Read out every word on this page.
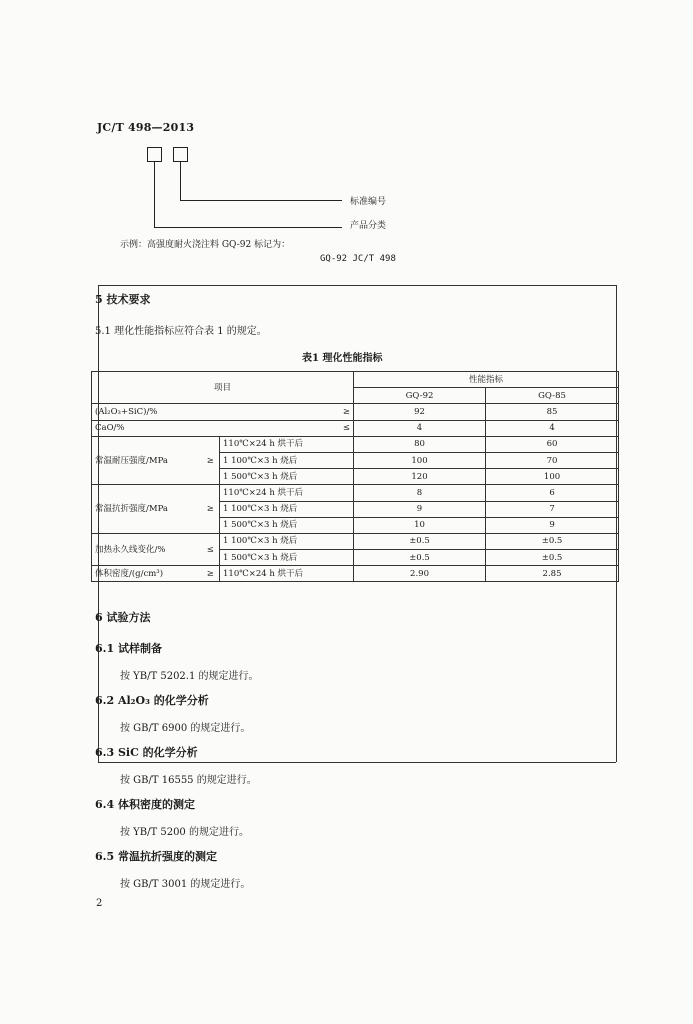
JC/T 498—2013
标准编号
产品分类
示例：高强度耐火浇注料 GQ-92 标记为：
GQ-92 JC/T 498
5 技术要求
5.1 理化性能指标应符合表 1 的规定。
表1 理化性能指标
项目			性能指标	
			GQ-92	GQ-85
(Al₂O₃+SiC)/%		≥	92	85
CaO/%		≤	4	4
常温耐压强度/MPa	≥	110℃×24 h 烘干后	80	60
		1 100℃×3 h 烧后	100	70
		1 500℃×3 h 烧后	120	100
常温抗折强度/MPa	≥	110℃×24 h 烘干后	8	6
		1 100℃×3 h 烧后	9	7
		1 500℃×3 h 烧后	10	9
加热永久线变化/%	≤	1 100℃×3 h 烧后	±0.5	±0.5
		1 500℃×3 h 烧后	±0.5	±0.5
体积密度/(g/cm³)	≥	110℃×24 h 烘干后	2.90	2.85
6 试验方法
6.1 试样制备
按 YB/T 5202.1 的规定进行。
6.2 Al₂O₃ 的化学分析
按 GB/T 6900 的规定进行。
6.3 SiC 的化学分析
按 GB/T 16555 的规定进行。
6.4 体积密度的测定
按 YB/T 5200 的规定进行。
6.5 常温抗折强度的测定
按 GB/T 3001 的规定进行。
2
